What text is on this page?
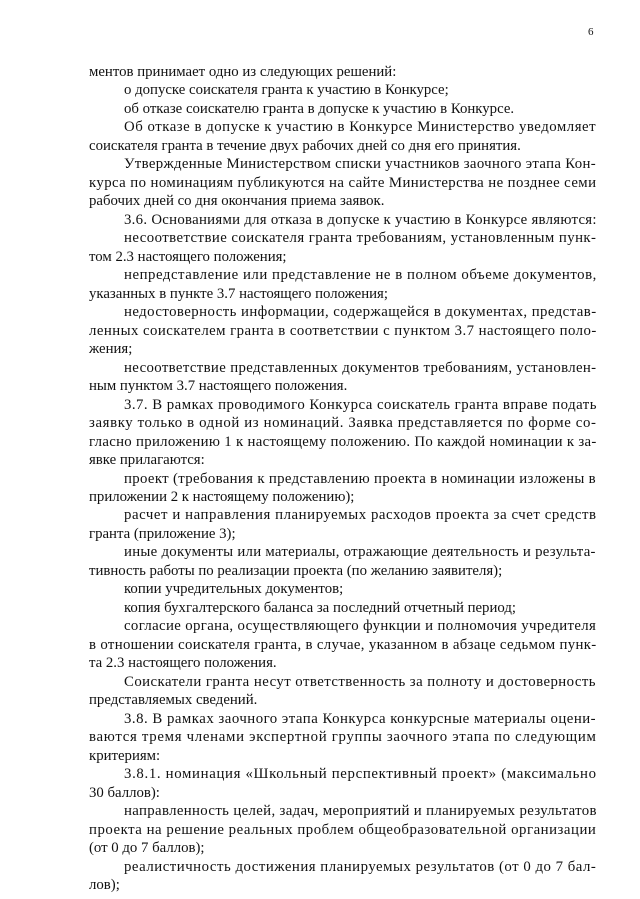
6
ментов принимает одно из следующих решений:
о допуске соискателя гранта к участию в Конкурсе;
об отказе соискателю гранта в допуске к участию в Конкурсе.
Об отказе в допуске к участию в Конкурсе Министерство уведомляет
соискателя гранта в течение двух рабочих дней со дня его принятия.
Утвержденные Министерством списки участников заочного этапа Кон-
курса по номинациям публикуются на сайте Министерства не позднее семи
рабочих дней со дня окончания приема заявок.
3.6. Основаниями для отказа в допуске к участию в Конкурсе являются:
несоответствие соискателя гранта требованиям, установленным пунк-
том 2.3 настоящего положения;
непредставление или представление не в полном объеме документов,
указанных в пункте 3.7 настоящего положения;
недостоверность информации, содержащейся в документах, представ-
ленных соискателем гранта в соответствии с пунктом 3.7 настоящего поло-
жения;
несоответствие представленных документов требованиям, установлен-
ным пунктом 3.7 настоящего положения.
3.7. В рамках проводимого Конкурса соискатель гранта вправе подать
заявку только в одной из номинаций. Заявка представляется по форме со-
гласно приложению 1 к настоящему положению. По каждой номинации к за-
явке прилагаются:
проект (требования к представлению проекта в номинации изложены в
приложении 2 к настоящему положению);
расчет и направления планируемых расходов проекта за счет средств
гранта (приложение 3);
иные документы или материалы, отражающие деятельность и результа-
тивность работы по реализации проекта (по желанию заявителя);
копии учредительных документов;
копия бухгалтерского баланса за последний отчетный период;
согласие органа, осуществляющего функции и полномочия учредителя
в отношении соискателя гранта, в случае, указанном в абзаце седьмом пунк-
та 2.3 настоящего положения.
Соискатели гранта несут ответственность за полноту и достоверность
представляемых сведений.
3.8. В рамках заочного этапа Конкурса конкурсные материалы оцени-
ваются тремя членами экспертной группы заочного этапа по следующим
критериям:
3.8.1. номинация «Школьный перспективный проект» (максимально
30 баллов):
направленность целей, задач, мероприятий и планируемых результатов
проекта на решение реальных проблем общеобразовательной организации
(от 0 до 7 баллов);
реалистичность достижения планируемых результатов (от 0 до 7 бал-
лов);
